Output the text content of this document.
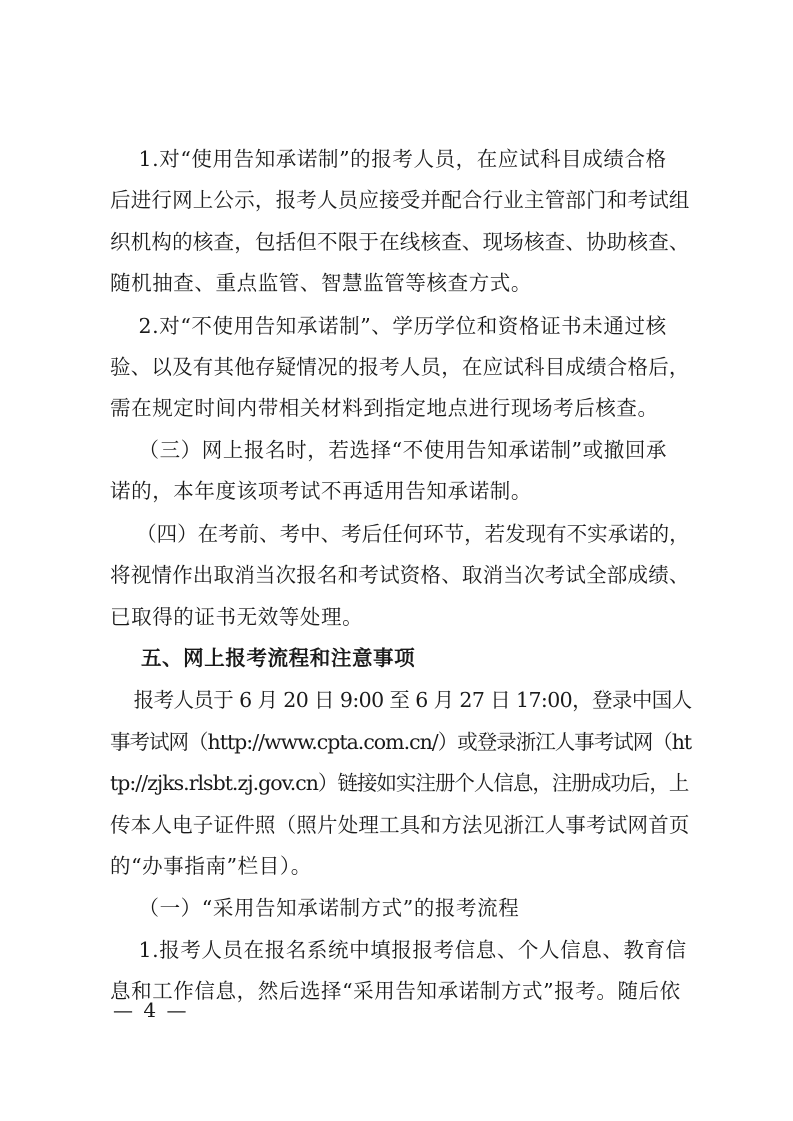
1.对“使用告知承诺制”的报考人员，在应试科目成绩合格
后进行网上公示，报考人员应接受并配合行业主管部门和考试组
织机构的核查，包括但不限于在线核查、现场核查、协助核查、
随机抽查、重点监管、智慧监管等核查方式。
2.对“不使用告知承诺制”、学历学位和资格证书未通过核
验、以及有其他存疑情况的报考人员，在应试科目成绩合格后，
需在规定时间内带相关材料到指定地点进行现场考后核查。
（三）网上报名时，若选择“不使用告知承诺制”或撤回承
诺的，本年度该项考试不再适用告知承诺制。
（四）在考前、考中、考后任何环节，若发现有不实承诺的，
将视情作出取消当次报名和考试资格、取消当次考试全部成绩、
已取得的证书无效等处理。
五、网上报考流程和注意事项
报考人员于 6 月 20 日 9:00 至 6 月 27 日 17:00，登录中国人
事考试网（http://www.cpta.com.cn/）或登录浙江人事考试网（ht
tp://zjks.rlsbt.zj.gov.cn）链接如实注册个人信息，注册成功后，上
传本人电子证件照（照片处理工具和方法见浙江人事考试网首页
的“办事指南”栏目）。
（一）“采用告知承诺制方式”的报考流程
1.报考人员在报名系统中填报报考信息、个人信息、教育信
息和工作信息，然后选择“采用告知承诺制方式”报考。随后依
— 4 —
